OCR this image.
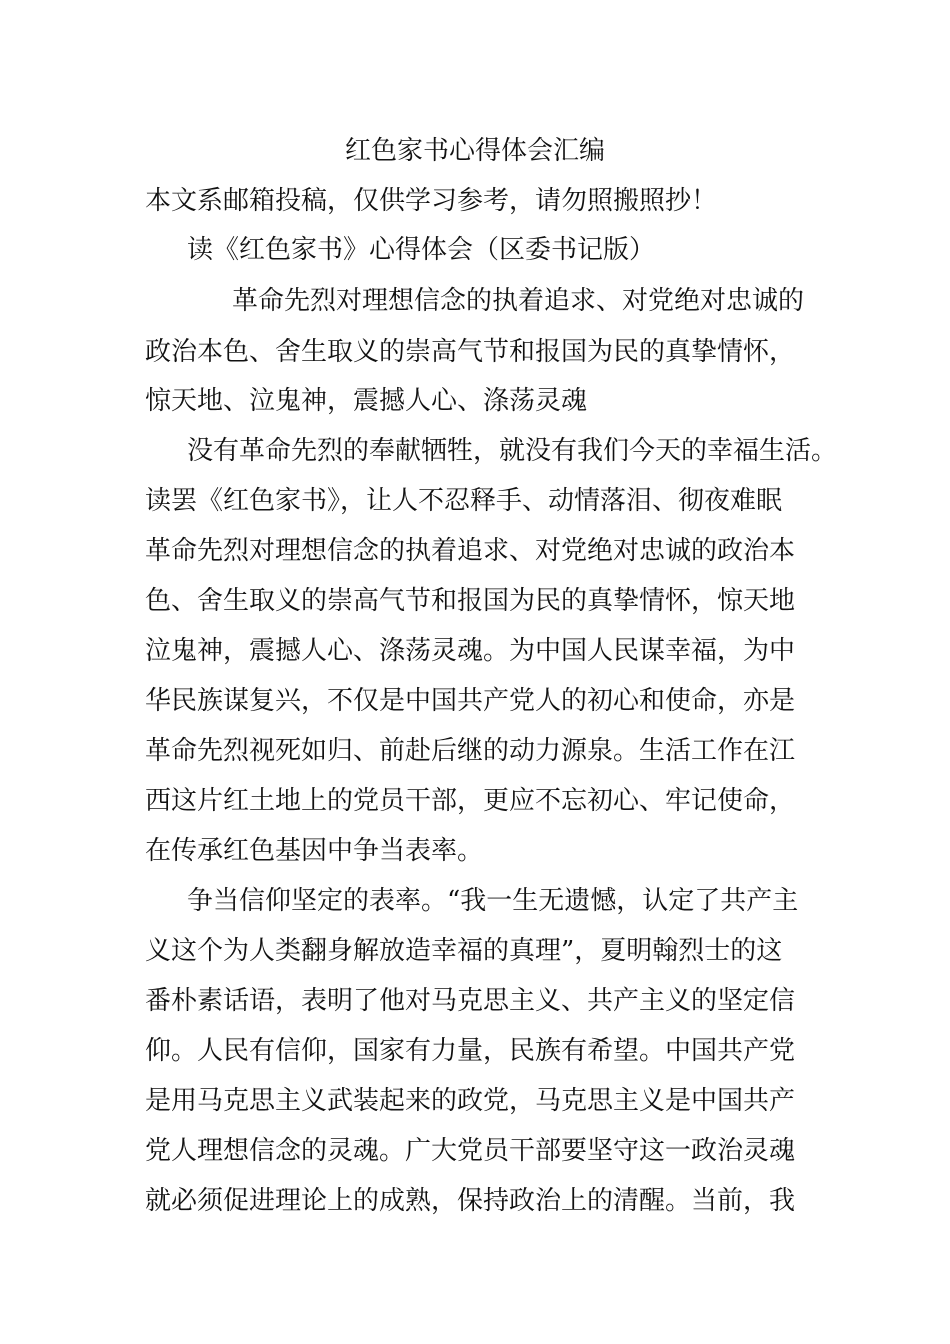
红色家书心得体会汇编
本文系邮箱投稿，仅供学习参考，请勿照搬照抄！
读《红色家书》心得体会（区委书记版）
革命先烈对理想信念的执着追求、对党绝对忠诚的
政治本色、舍生取义的崇高气节和报国为民的真挚情怀，
惊天地、泣鬼神，震撼人心、涤荡灵魂
没有革命先烈的奉献牺牲，就没有我们今天的幸福生活。
读罢《红色家书》，让人不忍释手、动情落泪、彻夜难眠
革命先烈对理想信念的执着追求、对党绝对忠诚的政治本
色、舍生取义的崇高气节和报国为民的真挚情怀，惊天地
泣鬼神，震撼人心、涤荡灵魂。为中国人民谋幸福，为中
华民族谋复兴，不仅是中国共产党人的初心和使命，亦是
革命先烈视死如归、前赴后继的动力源泉。生活工作在江
西这片红土地上的党员干部，更应不忘初心、牢记使命，
在传承红色基因中争当表率。
争当信仰坚定的表率。“我一生无遗憾，认定了共产主
义这个为人类翻身解放造幸福的真理”，夏明翰烈士的这
番朴素话语，表明了他对马克思主义、共产主义的坚定信
仰。人民有信仰，国家有力量，民族有希望。中国共产党
是用马克思主义武装起来的政党，马克思主义是中国共产
党人理想信念的灵魂。广大党员干部要坚守这一政治灵魂
就必须促进理论上的成熟，保持政治上的清醒。当前，我
